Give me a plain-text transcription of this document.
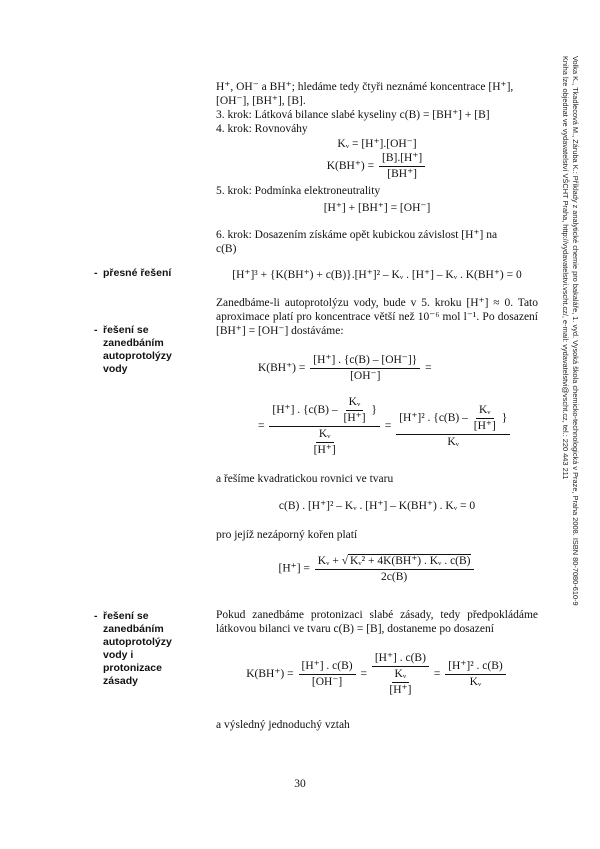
H⁺, OH⁻ a BH⁺; hledáme tedy čtyři neznámé koncentrace [H⁺],
[OH⁻], [BH⁺], [B].
3. krok: Látková bilance slabé kyseliny c(B) = [BH⁺] + [B]
4. krok: Rovnováhy
Kᵥ = [H⁺].[OH⁻]
$K(BH^+) = \frac{[B].[H^+]}{[BH^+]}$
5. krok: Podmínka elektroneutrality
[H⁺] + [BH⁺] = [OH⁻]
6. krok: Dosazením získáme opět kubickou závislost [H⁺] na
c(B)
- přesné řešení	[H⁺]³ + {K(BH⁺) + c(B)}.[H⁺]² – Kᵥ . [H⁺] – Kᵥ . K(BH⁺) = 0
Zanedbáme-li autoprotolýzu vody, bude v 5. kroku [H⁺] ≈ 0. Tato aproximace platí pro koncentrace větší než 10⁻⁶ mol l⁻¹. Po dosazení [BH⁺] = [OH⁻] dostáváme:
- řešení se
zanedbáním
autoprotolýzy
vody	$K(BH^+) = \frac{[H^+] . \{c(B) - [OH^-]\}}{[OH^-]}$ =
= $\frac{[H^+] . \{c(B) - \frac{\text{Kᵥ}}{[H^+]} \}}{\frac{\text{Kᵥ}}{[H^+]}}$ =
[H⁺]² . {$c(B) - \frac{\text{Kᵥ}}{[H^+]}$ }
Kᵥ
a řešíme kvadratickou rovnici ve tvaru
c(B) . [H⁺]² – Kᵥ . [H⁺] – K(BH⁺) . Kᵥ = 0
pro jejíž nezáporný kořen platí
$[H^+] = \frac{\text{Kᵥ + √ Kᵥ² + 4K(BH⁺) . Kᵥ . c(B)}}{2c(B)}$
Pokud zanedbáme protonizaci slabé zásady, tedy předpokládáme látkovou bilanci ve tvaru c(B) = [B], dostaneme po dosazení
- řešení se
zanedbáním
autoprotolýzy
vody i
protonizace
zásady
$K(BH^+) = \frac{[H^+] . c(B)}{[OH^-]} = \frac{[H^+] . c(B)}{\frac{\text{Kᵥ}}{[H^+]}} = \frac{\text{[H⁺]² . c(B)}}{\text{Kᵥ}}$
a výsledný jednoduchý vztah
30
Volka K., Tkadlecová M., Záruba K.: Příklady z analytické chemie pro bakaláře, 1. vyd. Vysoká škola chemicko-technologická v Praze, Praha 2008. ISBN 80-7080-610-9
Kniha lze objednat ve vydavatelství VŠCHT Praha, http://vydavatelstvi.vscht.cz/, e-mail: vydavatelstvi@vscht.cz, tel.: 220 443 211
